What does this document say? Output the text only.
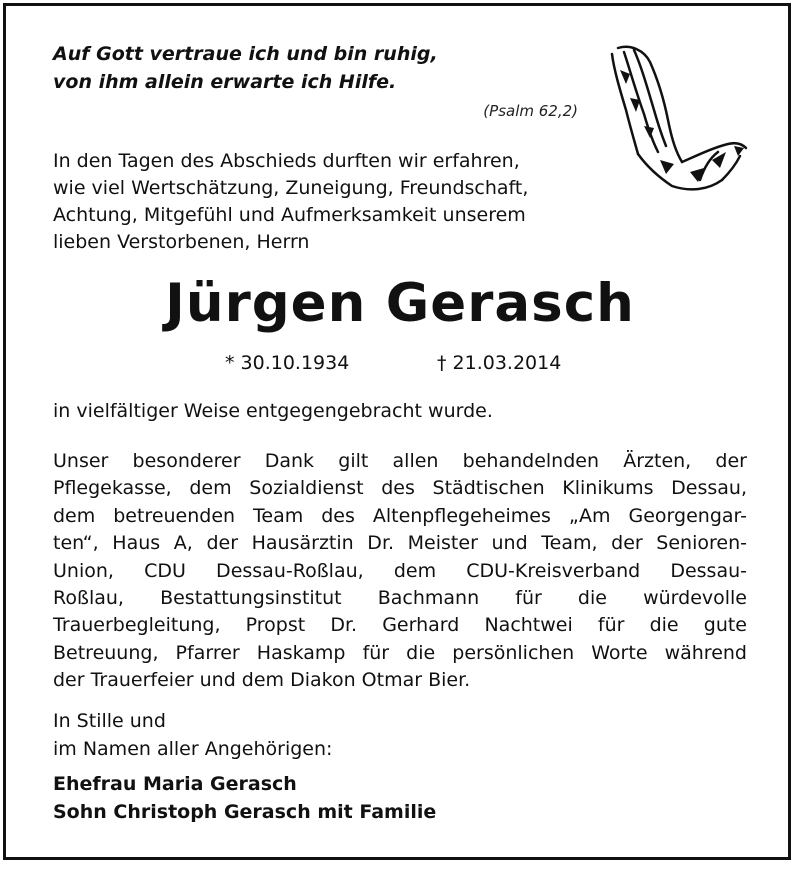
Auf Gott vertraue ich und bin ruhig,
von ihm allein erwarte ich Hilfe.
(Psalm 62,2)
In den Tagen des Abschieds durften wir erfahren,
wie viel Wertschätzung, Zuneigung, Freundschaft,
Achtung, Mitgefühl und Aufmerksamkeit unserem
lieben Verstorbenen, Herrn
Jürgen Gerasch
* 30.10.1934	† 21.03.2014
in vielfältiger Weise entgegengebracht wurde.
Unser besonderer Dank gilt allen behandelnden Ärzten, der
Pflegekasse, dem Sozialdienst des Städtischen Klinikums Dessau,
dem betreuenden Team des Altenpflegeheimes „Am Georgengar-
ten“, Haus A, der Hausärztin Dr. Meister und Team, der Senioren-
Union, CDU Dessau-Roßlau, dem CDU-Kreisverband Dessau-
Roßlau, Bestattungsinstitut Bachmann für die würdevolle
Trauerbegleitung, Propst Dr. Gerhard Nachtwei für die gute
Betreuung, Pfarrer Haskamp für die persönlichen Worte während
der Trauerfeier und dem Diakon Otmar Bier.
In Stille und
im Namen aller Angehörigen:
Ehefrau Maria Gerasch
Sohn Christoph Gerasch mit Familie
